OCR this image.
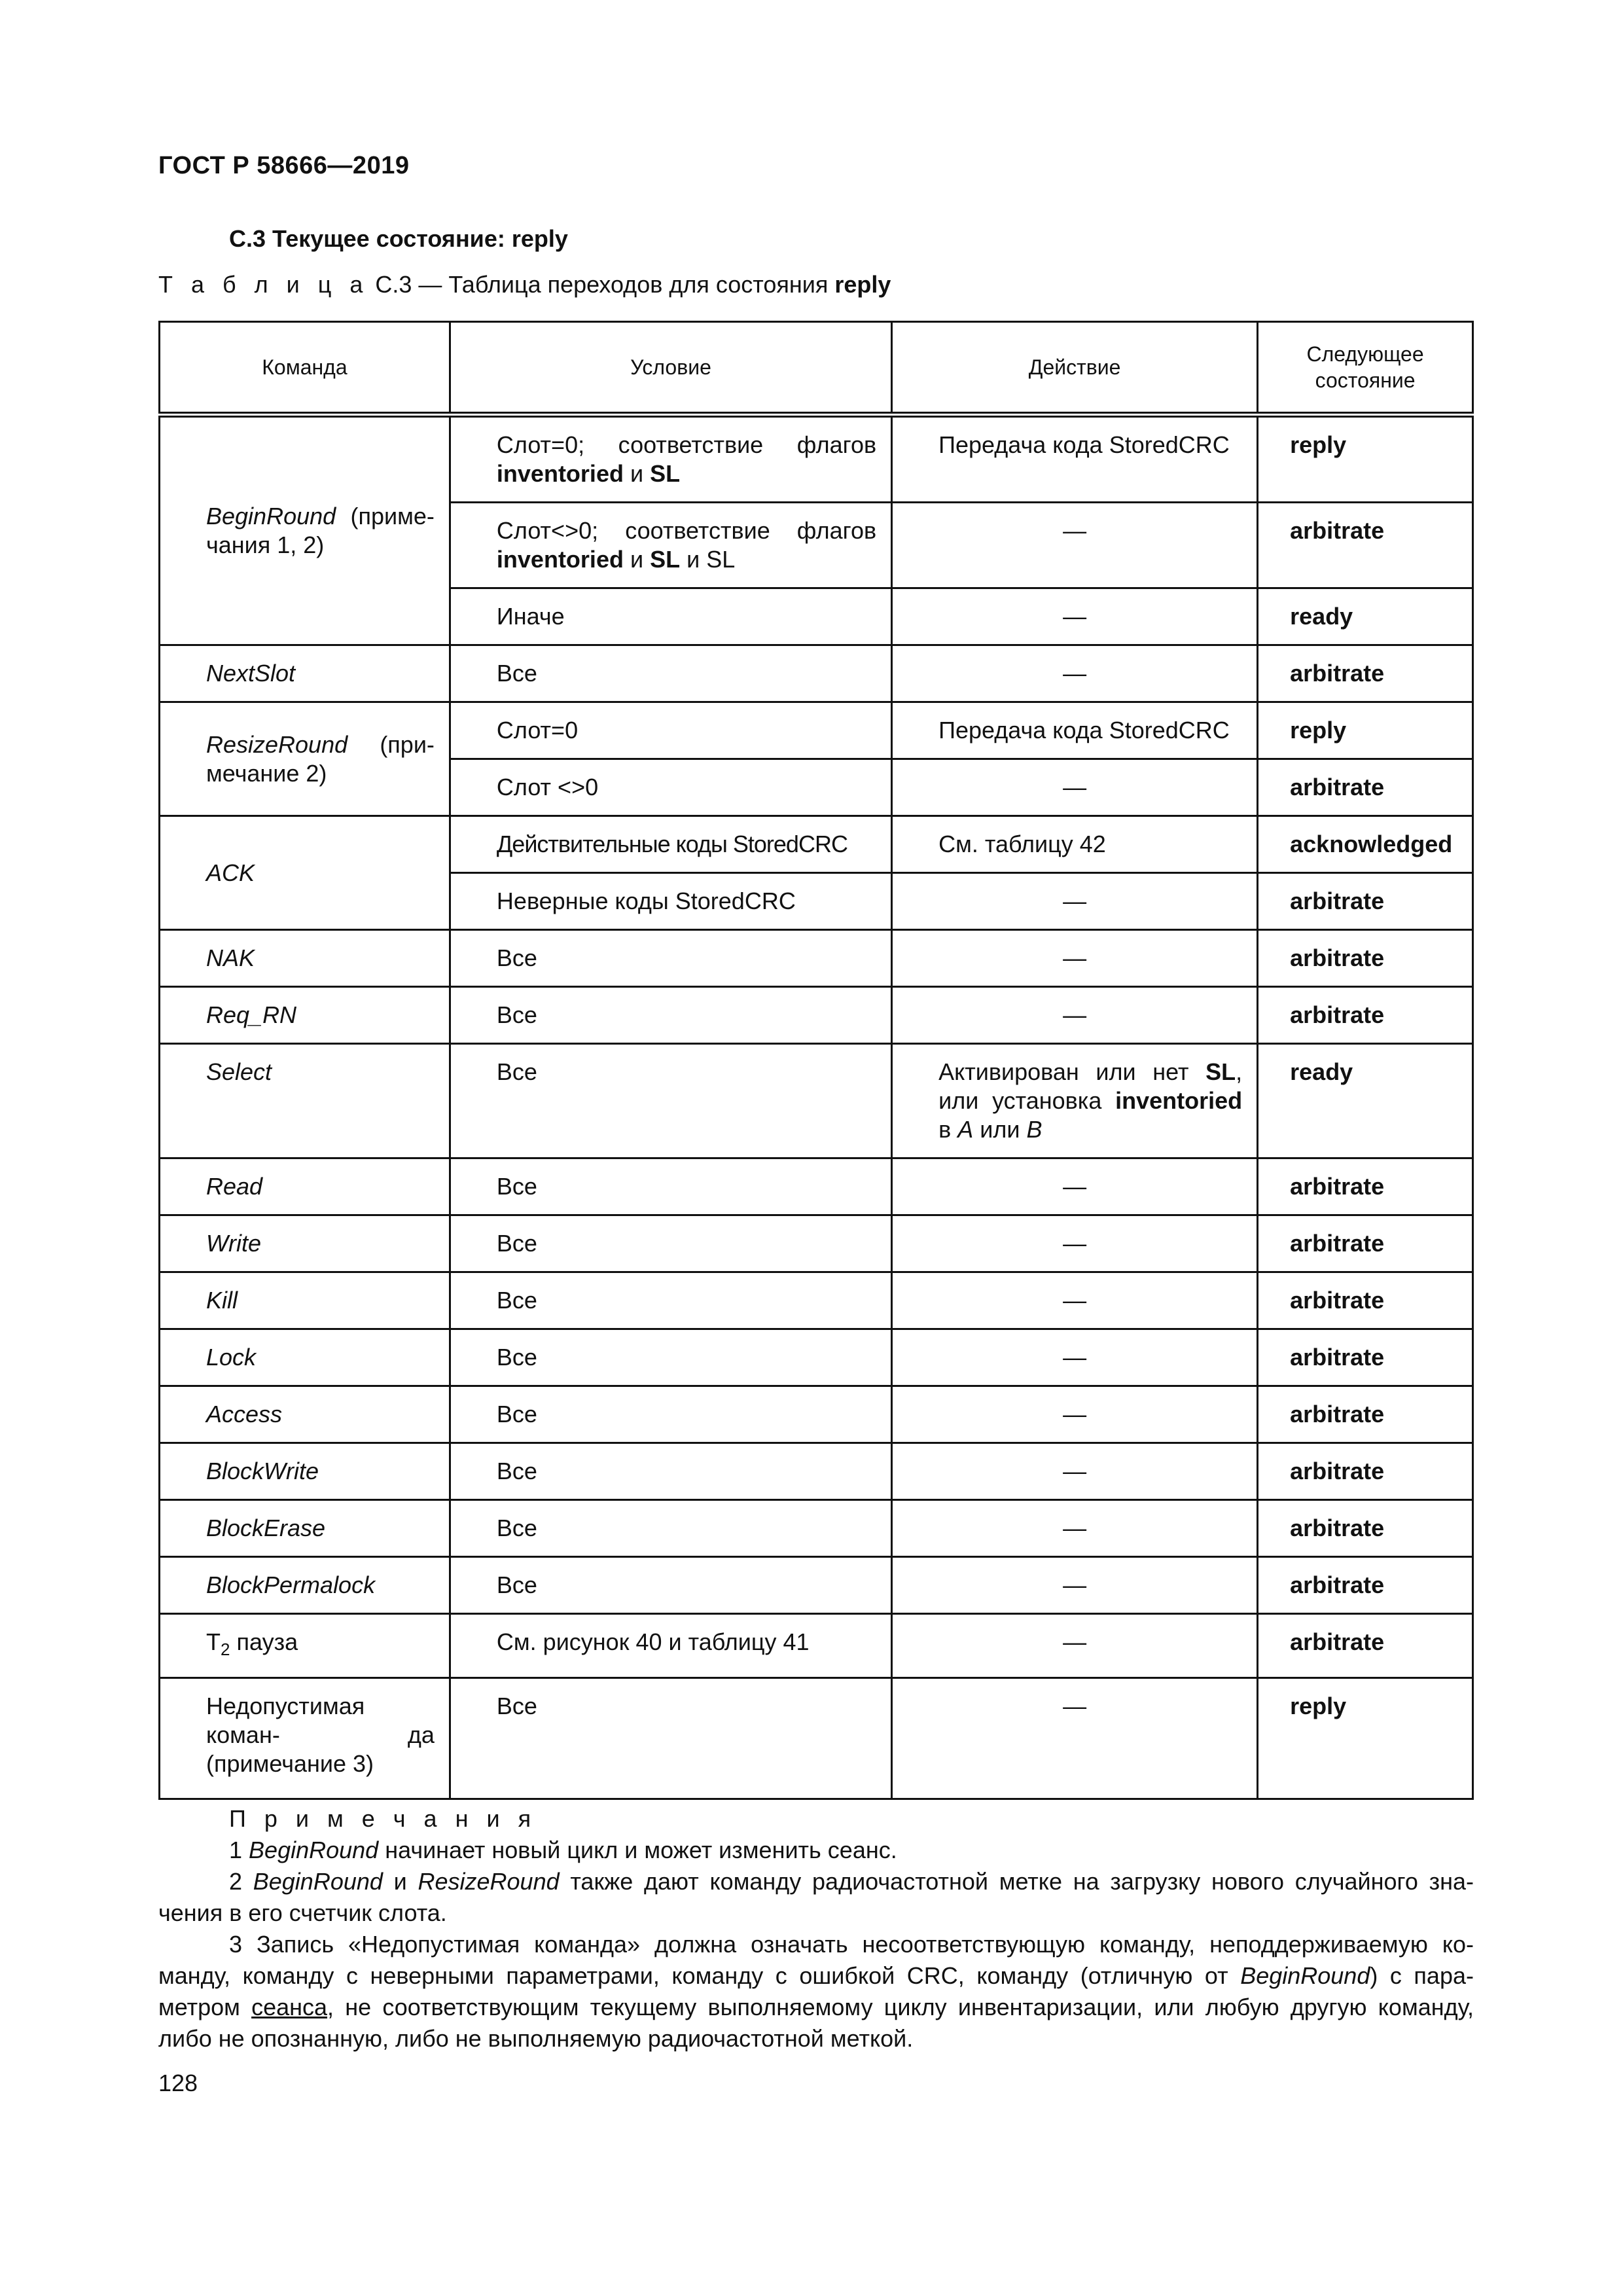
ГОСТ Р 58666—2019
С.3 Текущее состояние: reply
Т а б л и ц а С.3 — Таблица переходов для состояния reply
Команда	Условие	Действие	Следующее состояние
BeginRound (приме- чания 1, 2)	Слот=0; соответствие флагов inventoried и SL	Передача кода StoredCRC	reply
	Слот<>0; соответствие флагов inventoried и SL и SL	—	arbitrate
	Иначе	—	ready
NextSlot	Все	—	arbitrate
ResizeRound (при- мечание 2)	Слот=0	Передача кода StoredCRC	reply
	Слот <>0	—	arbitrate
ACK	Действительные коды StoredCRC	См. таблицу 42	acknowledged
	Неверные коды StoredCRC	—	arbitrate
NAK	Все	—	arbitrate
Req_RN	Все	—	arbitrate
Select	Все	Активирован или нет SL, или установка inventoried в A или B	ready
Read	Все	—	arbitrate
Write	Все	—	arbitrate
Kill	Все	—	arbitrate
Lock	Все	—	arbitrate
Access	Все	—	arbitrate
BlockWrite	Все	—	arbitrate
BlockErase	Все	—	arbitrate
BlockPermalock	Все	—	arbitrate
$T_2$ пауза	См. рисунок 40 и таблицу 41	—	arbitrate
Недопустимая коман- да (примечание 3)	Все	—	reply
П р и м е ч а н и я

1 BeginRound начинает новый цикл и может изменить сеанс.

2 BeginRound и ResizeRound также дают команду радиочастотной метке на загрузку нового случайного зна- чения в его счетчик слота.

3 Запись «Недопустимая команда» должна означать несоответствующую команду, неподдерживаемую ко- манду, команду с неверными параметрами, команду с ошибкой CRC, команду (отличную от BeginRound) с пара- метром сеанса, не соответствующим текущему выполняемому циклу инвентаризации, или любую другую команду, либо не опознанную, либо не выполняемую радиочастотной меткой.

128
